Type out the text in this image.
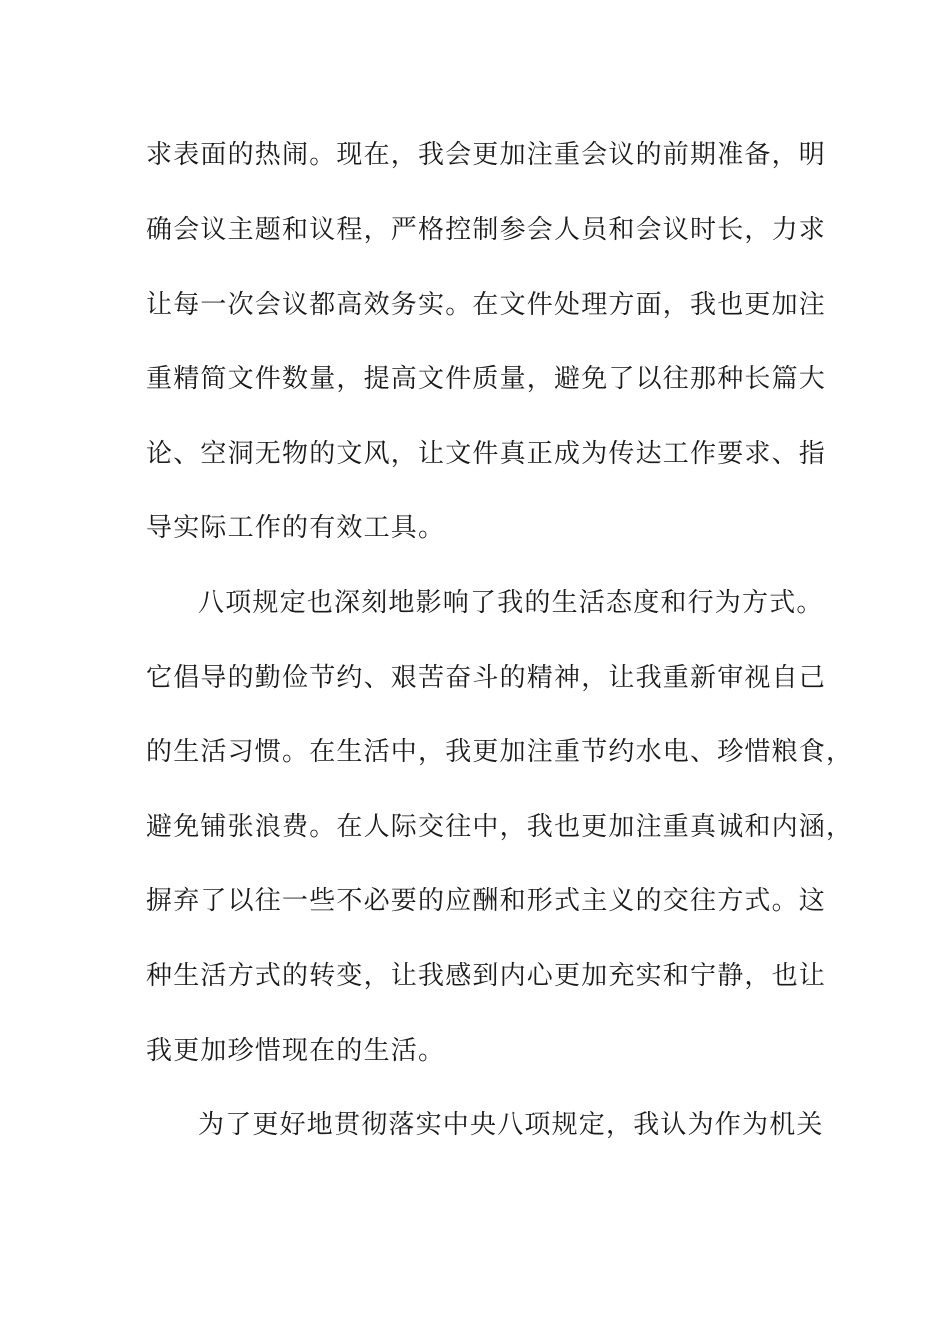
求表面的热闹。现在，我会更加注重会议的前期准备，明
确会议主题和议程，严格控制参会人员和会议时长，力求
让每一次会议都高效务实。在文件处理方面，我也更加注
重精简文件数量，提高文件质量，避免了以往那种长篇大
论、空洞无物的文风，让文件真正成为传达工作要求、指
导实际工作的有效工具。
八项规定也深刻地影响了我的生活态度和行为方式。
它倡导的勤俭节约、艰苦奋斗的精神，让我重新审视自己
的生活习惯。在生活中，我更加注重节约水电、珍惜粮食，
避免铺张浪费。在人际交往中，我也更加注重真诚和内涵，
摒弃了以往一些不必要的应酬和形式主义的交往方式。这
种生活方式的转变，让我感到内心更加充实和宁静，也让
我更加珍惜现在的生活。
为了更好地贯彻落实中央八项规定，我认为作为机关
